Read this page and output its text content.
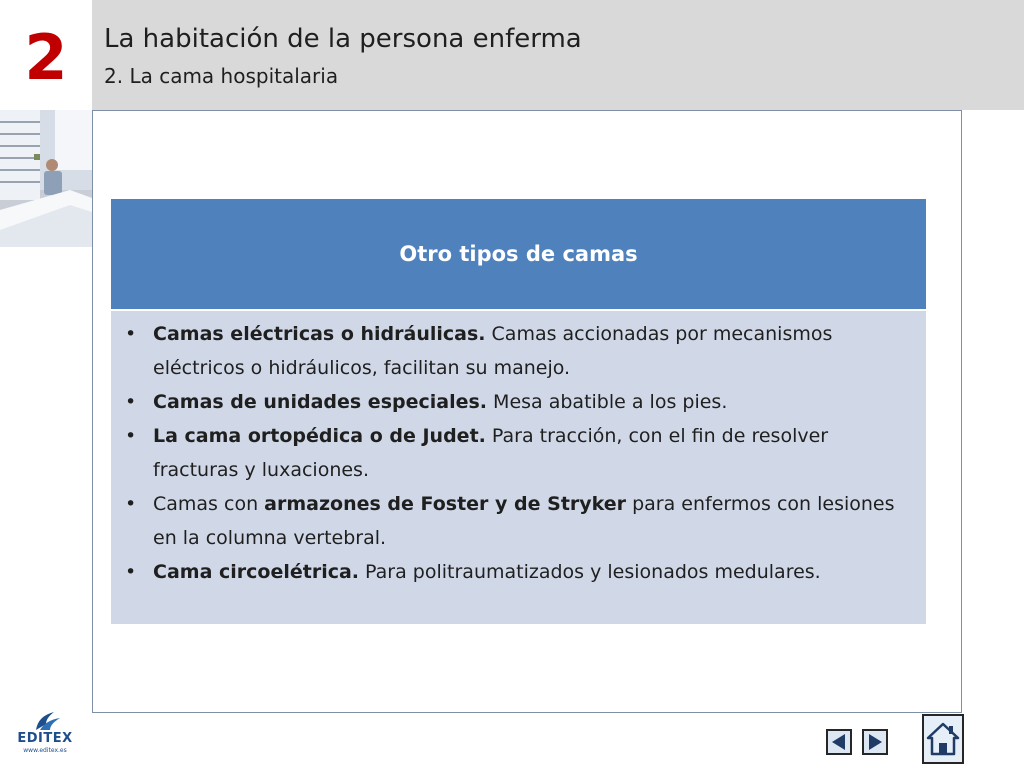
2	La habitación de la persona enferma
2. La cama hospitalaria
Otro tipos de camas
• Camas eléctricas o hidráulicas. Camas accionadas por mecanismos eléctricos o hidráulicos, facilitan su manejo.
• Camas de unidades especiales. Mesa abatible a los pies.
• La cama ortopédica o de Judet. Para tracción, con el fin de resolver fracturas y luxaciones.
• Camas con armazones de Foster y de Stryker para enfermos con lesiones en la columna vertebral.
• Cama circoelétrica. Para politraumatizados y lesionados medulares.
EDITEX
www.editex.es
